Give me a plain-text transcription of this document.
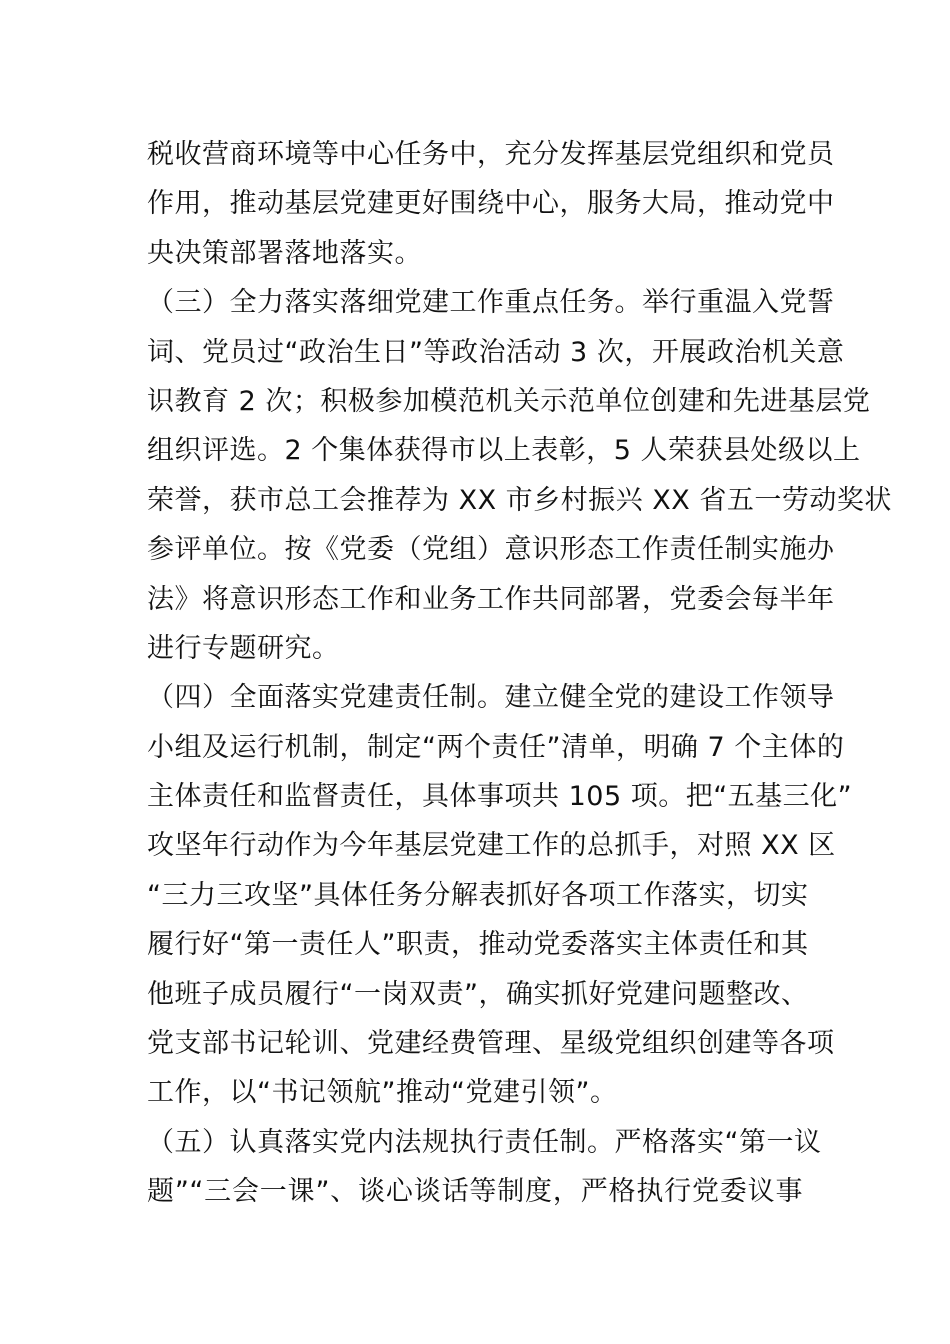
税收营商环境等中心任务中，充分发挥基层党组织和党员
作用，推动基层党建更好围绕中心，服务大局，推动党中
央决策部署落地落实。
（三）全力落实落细党建工作重点任务。举行重温入党誓
词、党员过“政治生日”等政治活动 3 次，开展政治机关意
识教育 2 次；积极参加模范机关示范单位创建和先进基层党
组织评选。2 个集体获得市以上表彰，5 人荣获县处级以上
荣誉，获市总工会推荐为 XX 市乡村振兴 XX 省五一劳动奖状
参评单位。按《党委（党组）意识形态工作责任制实施办
法》将意识形态工作和业务工作共同部署，党委会每半年
进行专题研究。
（四）全面落实党建责任制。建立健全党的建设工作领导
小组及运行机制，制定“两个责任”清单，明确 7 个主体的
主体责任和监督责任，具体事项共 105 项。把“五基三化”
攻坚年行动作为今年基层党建工作的总抓手，对照 XX 区
“三力三攻坚”具体任务分解表抓好各项工作落实，切实
履行好“第一责任人”职责，推动党委落实主体责任和其
他班子成员履行“一岗双责”，确实抓好党建问题整改、
党支部书记轮训、党建经费管理、星级党组织创建等各项
工作，以“书记领航”推动“党建引领”。
（五）认真落实党内法规执行责任制。严格落实“第一议
题”“三会一课”、谈心谈话等制度，严格执行党委议事
